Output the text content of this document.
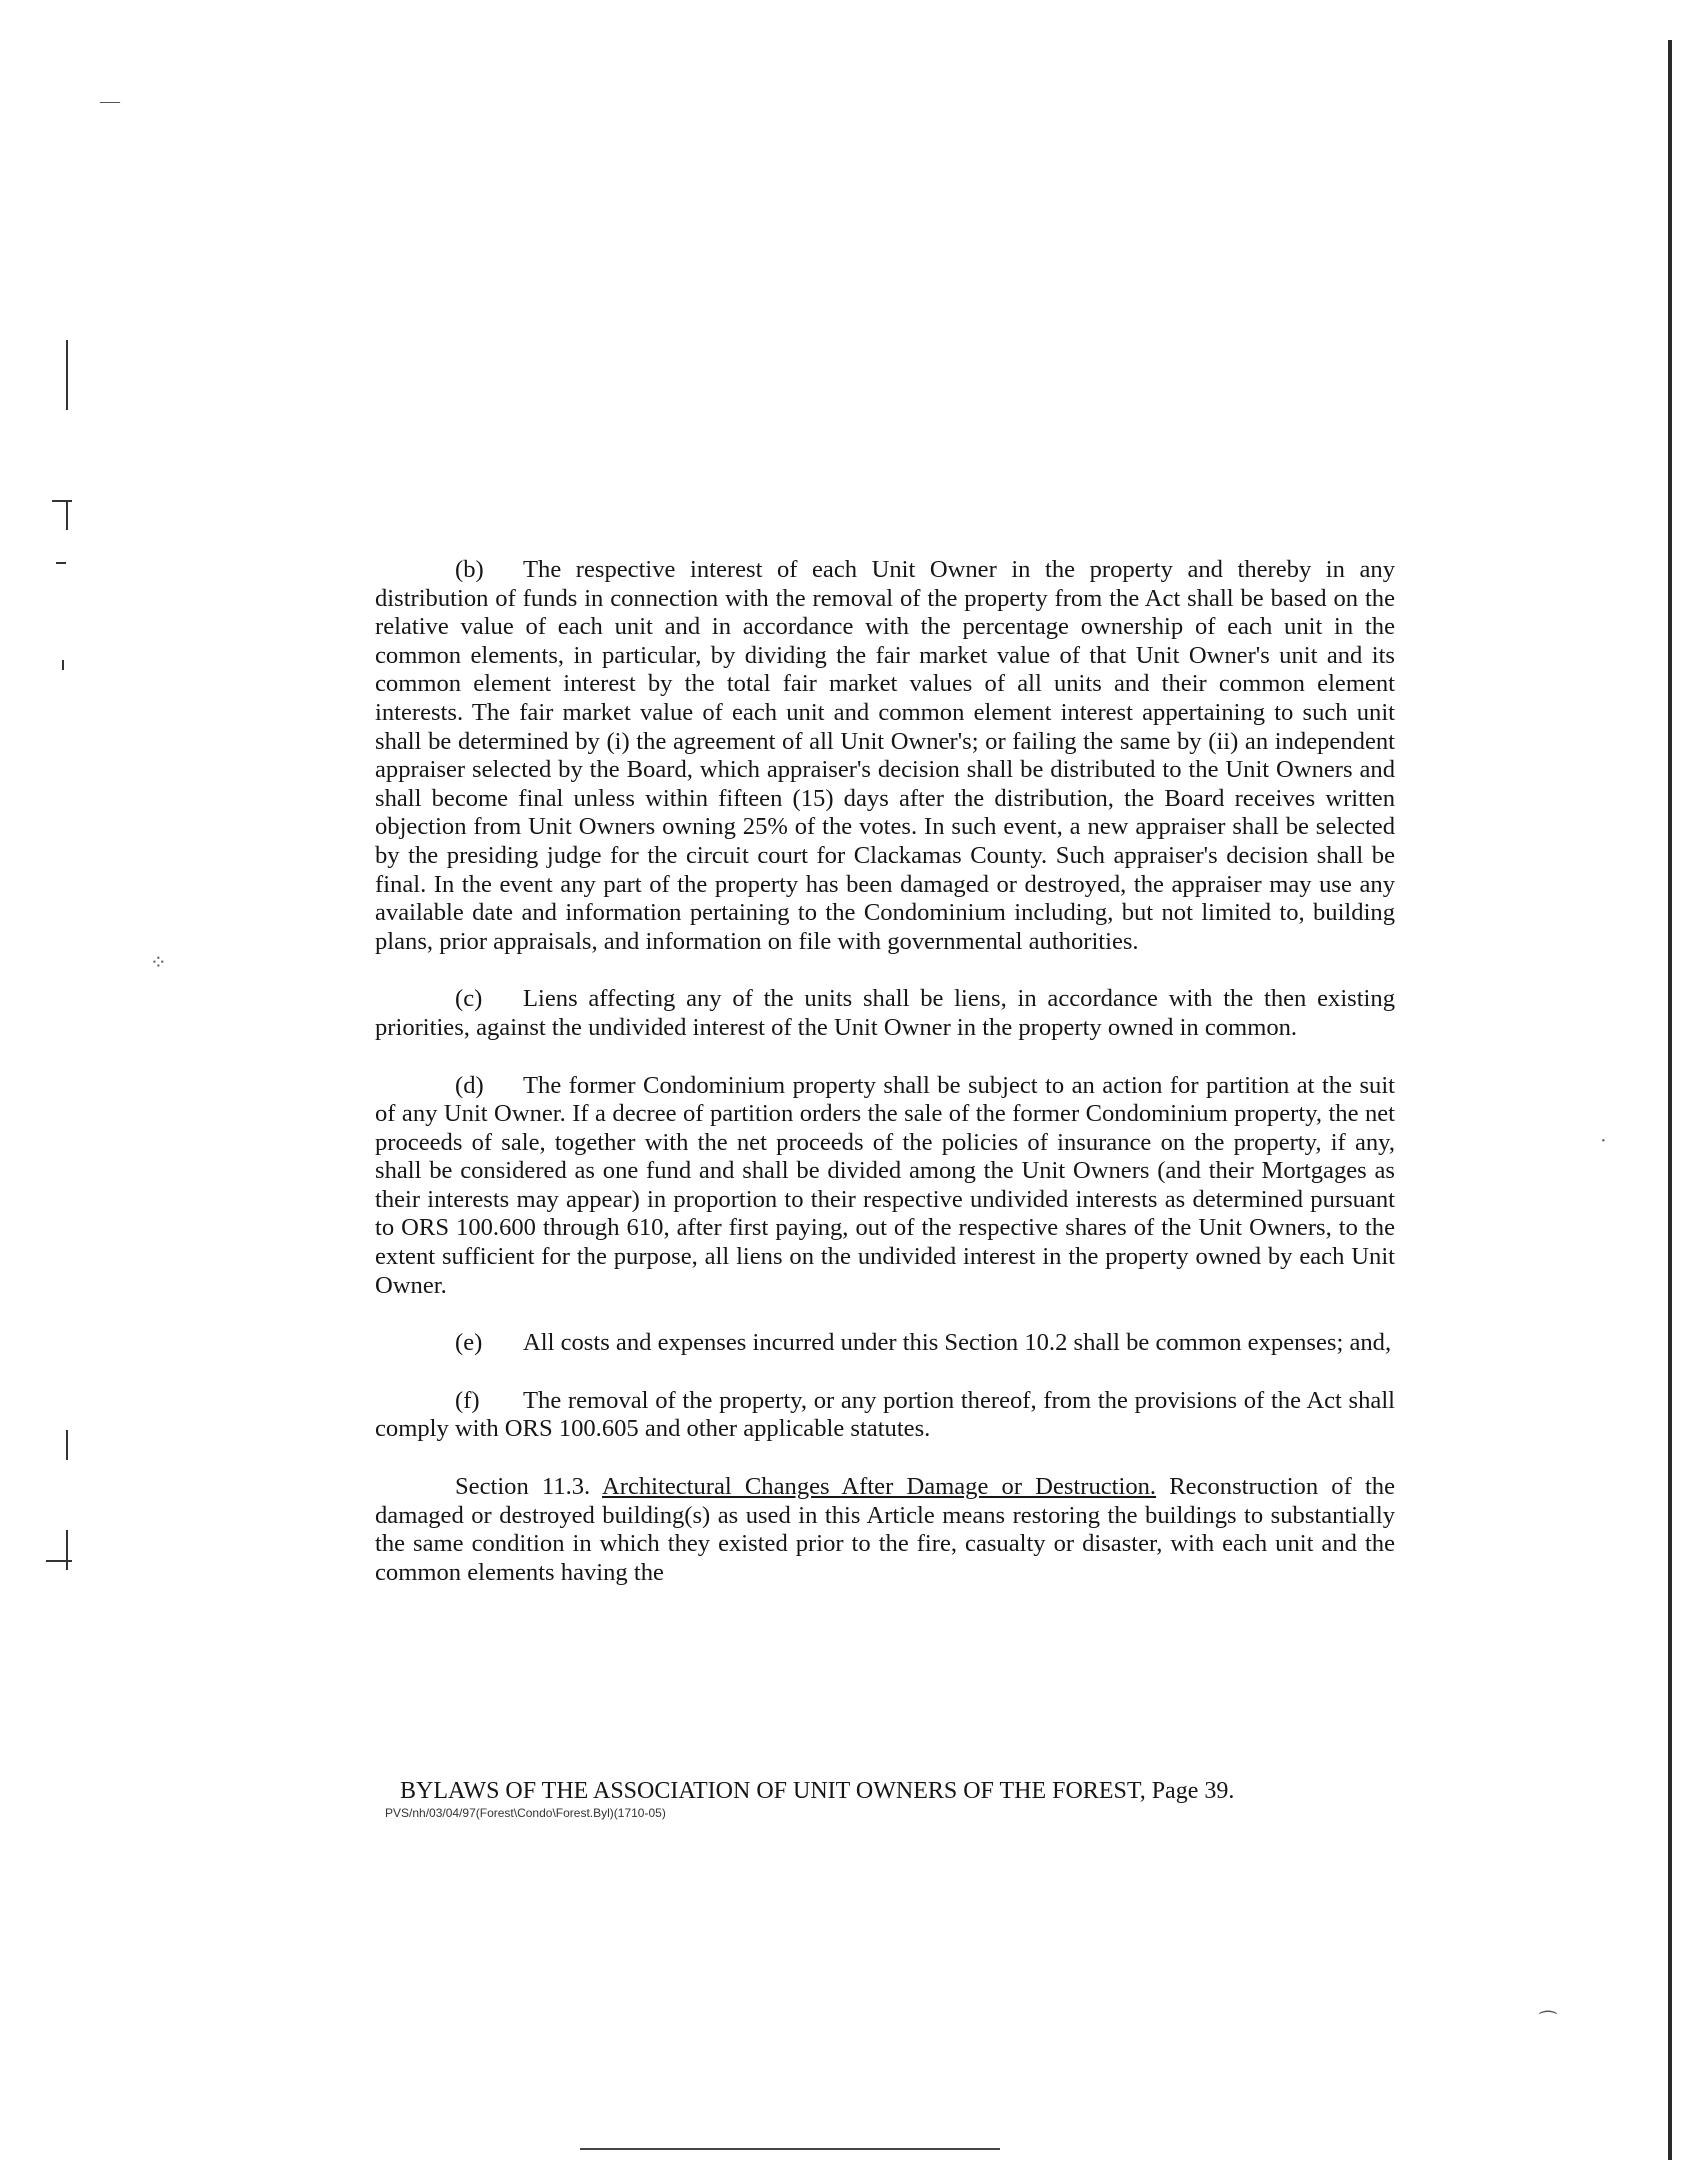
—
⁘
·
⁀

(b) The respective interest of each Unit Owner in the property and thereby in any distribution of funds in connection with the removal of the property from the Act shall be based on the relative value of each unit and in accordance with the percentage ownership of each unit in the common elements, in particular, by dividing the fair market value of that Unit Owner's unit and its common element interest by the total fair market values of all units and their common element interests. The fair market value of each unit and common element interest appertaining to such unit shall be determined by (i) the agreement of all Unit Owner's; or failing the same by (ii) an independent appraiser selected by the Board, which appraiser's decision shall be distributed to the Unit Owners and shall become final unless within fifteen (15) days after the distribution, the Board receives written objection from Unit Owners owning 25% of the votes. In such event, a new appraiser shall be selected by the presiding judge for the circuit court for Clackamas County. Such appraiser's decision shall be final. In the event any part of the property has been damaged or destroyed, the appraiser may use any available date and information pertaining to the Condominium including, but not limited to, building plans, prior appraisals, and information on file with governmental authorities.

(c) Liens affecting any of the units shall be liens, in accordance with the then existing priorities, against the undivided interest of the Unit Owner in the property owned in common.

(d) The former Condominium property shall be subject to an action for partition at the suit of any Unit Owner. If a decree of partition orders the sale of the former Condominium property, the net proceeds of sale, together with the net proceeds of the policies of insurance on the property, if any, shall be considered as one fund and shall be divided among the Unit Owners (and their Mortgages as their interests may appear) in proportion to their respective undivided interests as determined pursuant to ORS 100.600 through 610, after first paying, out of the respective shares of the Unit Owners, to the extent sufficient for the purpose, all liens on the undivided interest in the property owned by each Unit Owner.

(e) All costs and expenses incurred under this Section 10.2 shall be common expenses; and,

(f) The removal of the property, or any portion thereof, from the provisions of the Act shall comply with ORS 100.605 and other applicable statutes.

Section 11.3. Architectural Changes After Damage or Destruction. Reconstruction of the damaged or destroyed building(s) as used in this Article means restoring the buildings to substantially the same condition in which they existed prior to the fire, casualty or disaster, with each unit and the common elements having the

BYLAWS OF THE ASSOCIATION OF UNIT OWNERS OF THE FOREST, Page 39.
PVS/nh/03/04/97(Forest\Condo\Forest.Byl)(1710-05)
